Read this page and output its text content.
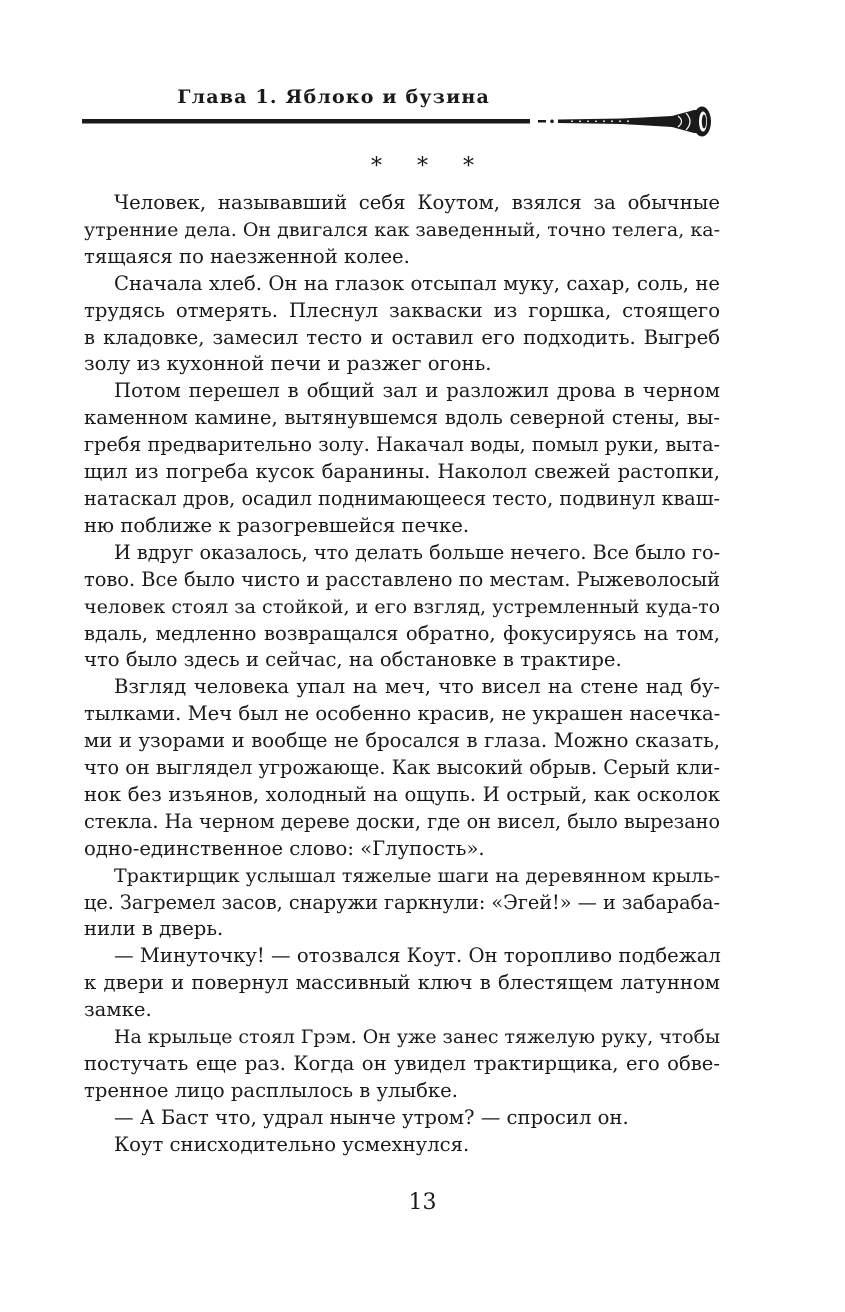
Глава 1. Яблоко и бузина
* * *

Человек, называвший себя Коутом, взялся за обычные
утренние дела. Он двигался как заведенный, точно телега, ка-
тящаяся по наезженной колее.

Сначала хлеб. Он на глазок отсыпал муку, сахар, соль, не
трудясь отмерять. Плеснул закваски из горшка, стоящего
в кладовке, замесил тесто и оставил его подходить. Выгреб
золу из кухонной печи и разжег огонь.

Потом перешел в общий зал и разложил дрова в черном
каменном камине, вытянувшемся вдоль северной стены, вы-
гребя предварительно золу. Накачал воды, помыл руки, выта-
щил из погреба кусок баранины. Наколол свежей растопки,
натаскал дров, осадил поднимающееся тесто, подвинул кваш-
ню поближе к разогревшейся печке.

И вдруг оказалось, что делать больше нечего. Все было го-
тово. Все было чисто и расставлено по местам. Рыжеволосый
человек стоял за стойкой, и его взгляд, устремленный куда-то
вдаль, медленно возвращался обратно, фокусируясь на том,
что было здесь и сейчас, на обстановке в трактире.

Взгляд человека упал на меч, что висел на стене над бу-
тылками. Меч был не особенно красив, не украшен насечка-
ми и узорами и вообще не бросался в глаза. Можно сказать,
что он выглядел угрожающе. Как высокий обрыв. Серый кли-
нок без изъянов, холодный на ощупь. И острый, как осколок
стекла. На черном дереве доски, где он висел, было вырезано
одно-единственное слово: «Глупость».

Трактирщик услышал тяжелые шаги на деревянном крыль-
це. Загремел засов, снаружи гаркнули: «Эгей!» — и забараба-
нили в дверь.

— Минуточку! — отозвался Коут. Он торопливо подбежал
к двери и повернул массивный ключ в блестящем латунном
замке.

На крыльце стоял Грэм. Он уже занес тяжелую руку, чтобы
постучать еще раз. Когда он увидел трактирщика, его обве-
тренное лицо расплылось в улыбке.

— А Баст что, удрал нынче утром? — спросил он.

Коут снисходительно усмехнулся.

13
